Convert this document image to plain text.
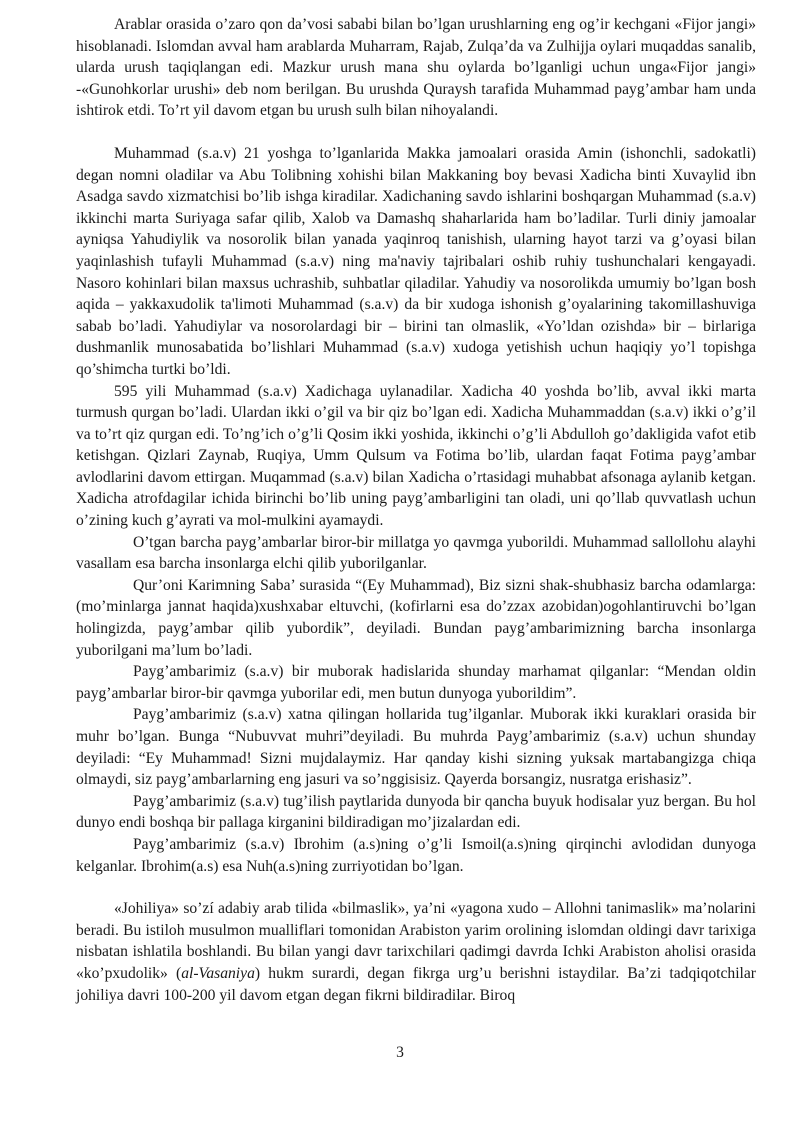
Arablar orasida o’zaro qon da’vosi sababi bilan bo’lgan urushlarning eng og’ir kechgani «Fijor jangi» hisoblanadi. Islomdan avval ham arablarda Muharram, Rajab, Zulqa’da va Zulhijja oylari muqaddas sanalib, ularda urush taqiqlangan edi. Mazkur urush mana shu oylarda bo’lganligi uchun unga«Fijor jangi» -«Gunohkorlar urushi» deb nom berilgan. Bu urushda Quraysh tarafida Muhammad payg’ambar ham unda ishtirok etdi. To’rt yil davom etgan bu urush sulh bilan nihoyalandi.

Muhammad (s.a.v) 21 yoshga to’lganlarida Makka jamoalari orasida Amin (ishonchli, sadokatli) degan nomni oladilar va Abu Tolibning xohishi bilan Makkaning boy bevasi Xadicha binti Xuvaylid ibn Asadga savdo xizmatchisi bo’lib ishga kiradilar. Xadichaning savdo ishlarini boshqargan Muhammad (s.a.v) ikkinchi marta Suriyaga safar qilib, Xalob va Damashq shaharlarida ham bo’ladilar. Turli diniy jamoalar ayniqsa Yahudiylik va nosorolik bilan yanada yaqinroq tanishish, ularning hayot tarzi va g’oyasi bilan yaqinlashish tufayli Muhammad (s.a.v) ning ma'naviy tajribalari oshib ruhiy tushunchalari kengayadi. Nasoro kohinlari bilan maxsus uchrashib, suhbatlar qiladilar. Yahudiy va nosorolikda umumiy bo’lgan bosh aqida – yakkaxudolik ta'limoti Muhammad (s.a.v) da bir xudoga ishonish g’oyalarining takomillashuviga sabab bo’ladi. Yahudiylar va nosorolardagi bir – birini tan olmaslik, «Yo’ldan ozishda» bir – birlariga dushmanlik munosabatida bo’lishlari Muhammad (s.a.v) xudoga yetishish uchun haqiqiy yo’l topishga qo’shimcha turtki bo’ldi.

595 yili Muhammad (s.a.v) Xadichaga uylanadilar. Xadicha 40 yoshda bo’lib, avval ikki marta turmush qurgan bo’ladi. Ulardan ikki o’gil va bir qiz bo’lgan edi. Xadicha Muhammaddan (s.a.v) ikki o’g’il va to’rt qiz qurgan edi. To’ng’ich o’g’li Qosim ikki yoshida, ikkinchi o’g’li Abdulloh go’dakligida vafot etib ketishgan. Qizlari Zaynab, Ruqiya, Umm Qulsum va Fotima bo’lib, ulardan faqat Fotima payg’ambar avlodlarini davom ettirgan. Muqammad (s.a.v) bilan Xadicha o’rtasidagi muhabbat afsonaga aylanib ketgan. Xadicha atrofdagilar ichida birinchi bo’lib uning payg’ambarligini tan oladi, uni qo’llab quvvatlash uchun o’zining kuch g’ayrati va mol-mulkini ayamaydi.

O’tgan barcha payg’ambarlar biror-bir millatga yo qavmga yuborildi. Muhammad sallollohu alayhi vasallam esa barcha insonlarga elchi qilib yuborilganlar.

Qur’oni Karimning Saba’ surasida “(Ey Muhammad), Biz sizni shak-shubhasiz barcha odamlarga: (mo’minlarga jannat haqida)xushxabar eltuvchi, (kofirlarni esa do’zzax azobidan)ogohlantiruvchi bo’lgan holingizda, payg’ambar qilib yubordik”, deyiladi. Bundan payg’ambarimizning barcha insonlarga yuborilgani ma’lum bo’ladi.

Payg’ambarimiz (s.a.v) bir muborak hadislarida shunday marhamat qilganlar: “Mendan oldin payg’ambarlar biror-bir qavmga yuborilar edi, men butun dunyoga yuborildim”.

Payg’ambarimiz (s.a.v) xatna qilingan hollarida tug’ilganlar. Muborak ikki kuraklari orasida bir muhr bo’lgan. Bunga “Nubuvvat muhri”deyiladi. Bu muhrda Payg’ambarimiz (s.a.v) uchun shunday deyiladi: “Ey Muhammad! Sizni mujdalaymiz. Har qanday kishi sizning yuksak martabangizga chiqa olmaydi, siz payg’ambarlarning eng jasuri va so’nggisisiz. Qayerda borsangiz, nusratga erishasiz”.

Payg’ambarimiz (s.a.v) tug’ilish paytlarida dunyoda bir qancha buyuk hodisalar yuz bergan. Bu hol dunyo endi boshqa bir pallaga kirganini bildiradigan mo’jizalardan edi.

Payg’ambarimiz (s.a.v) Ibrohim (a.s)ning o’g’li Ismoil(a.s)ning qirqinchi avlodidan dunyoga kelganlar. Ibrohim(a.s) esa Nuh(a.s)ning zurriyotidan bo’lgan.

«Johiliya» so’zí adabiy arab tilida «bilmaslik», ya’ni «yagona xudo – Allohni tanimaslik» ma’nolarini beradi. Bu istiloh musulmon mualliflari tomonidan Arabiston yarim orolining islomdan oldingi davr tarixiga nisbatan ishlatila boshlandi. Bu bilan yangi davr tarixchilari qadimgi davrda Ichki Arabiston aholisi orasida «ko’pxudolik» (al-Vasaniya) hukm surardi, degan fikrga urg’u berishni istaydilar. Ba’zi tadqiqotchilar johiliya davri 100-200 yil davom etgan degan fikrni bildiradilar. Biroq

3
